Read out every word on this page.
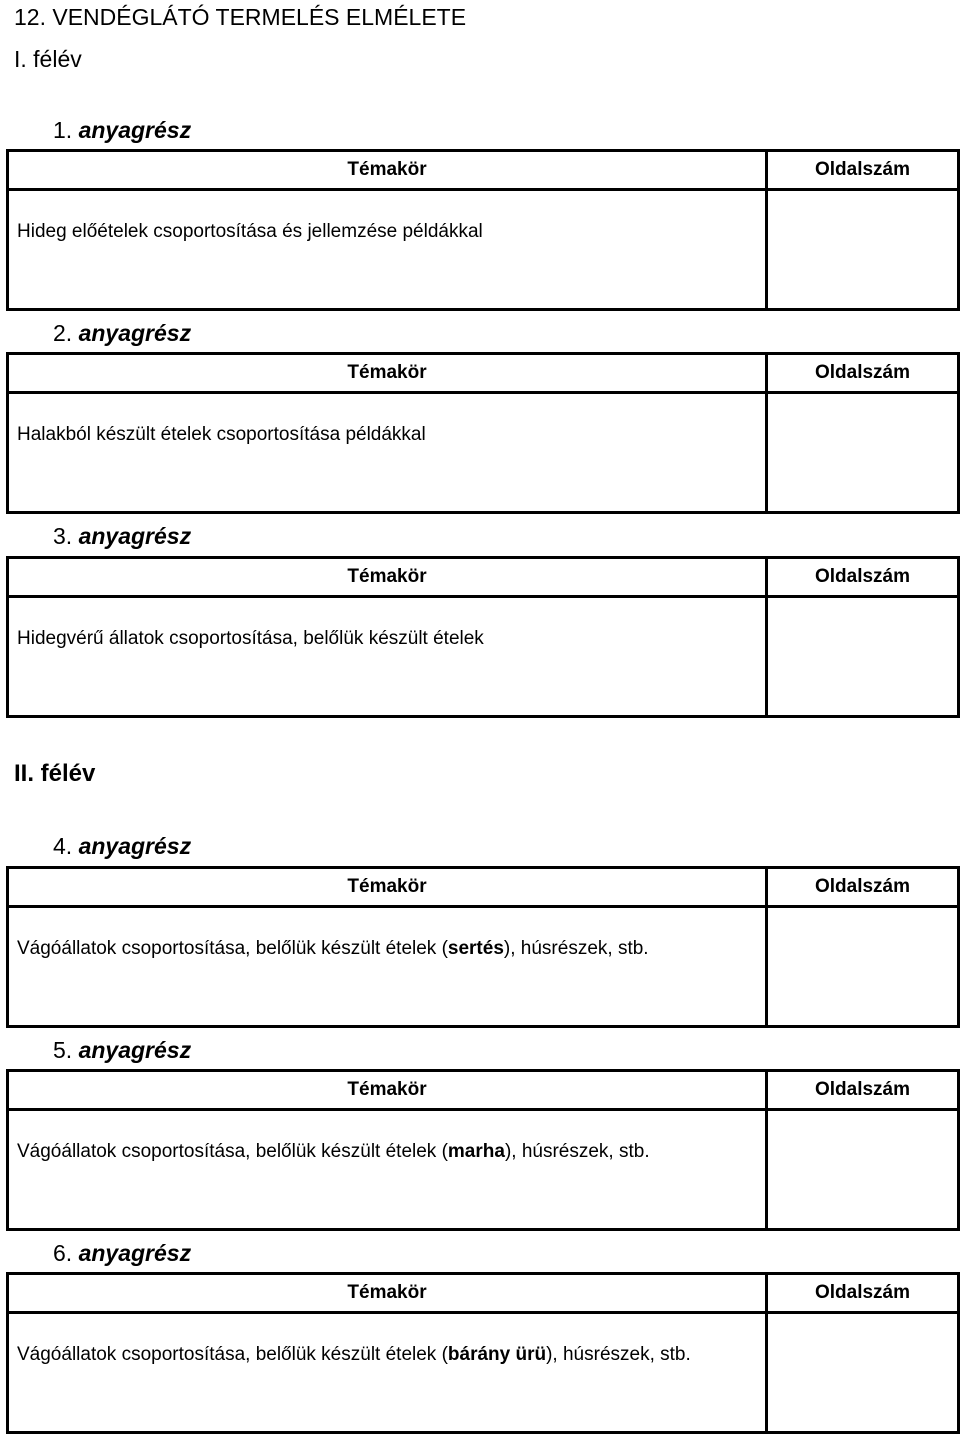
12. VENDÉGLÁTÓ TERMELÉS ELMÉLETE
I. félév
1. anyagrész
Témakör	Oldalszám

Hideg előételek csoportosítása és jellemzése példákkal	

2. anyagrész
Témakör	Oldalszám

Halakból készült ételek csoportosítása példákkal	

3. anyagrész
Témakör	Oldalszám

Hidegvérű állatok csoportosítása, belőlük készült ételek	

II. félév
4. anyagrész
Témakör	Oldalszám

Vágóállatok csoportosítása, belőlük készült ételek (sertés), húsrészek, stb.	

5. anyagrész
Témakör	Oldalszám

Vágóállatok csoportosítása, belőlük készült ételek (marha), húsrészek, stb.	

6. anyagrész
Témakör	Oldalszám

Vágóállatok csoportosítása, belőlük készült ételek (bárány ürü), húsrészek, stb.	
